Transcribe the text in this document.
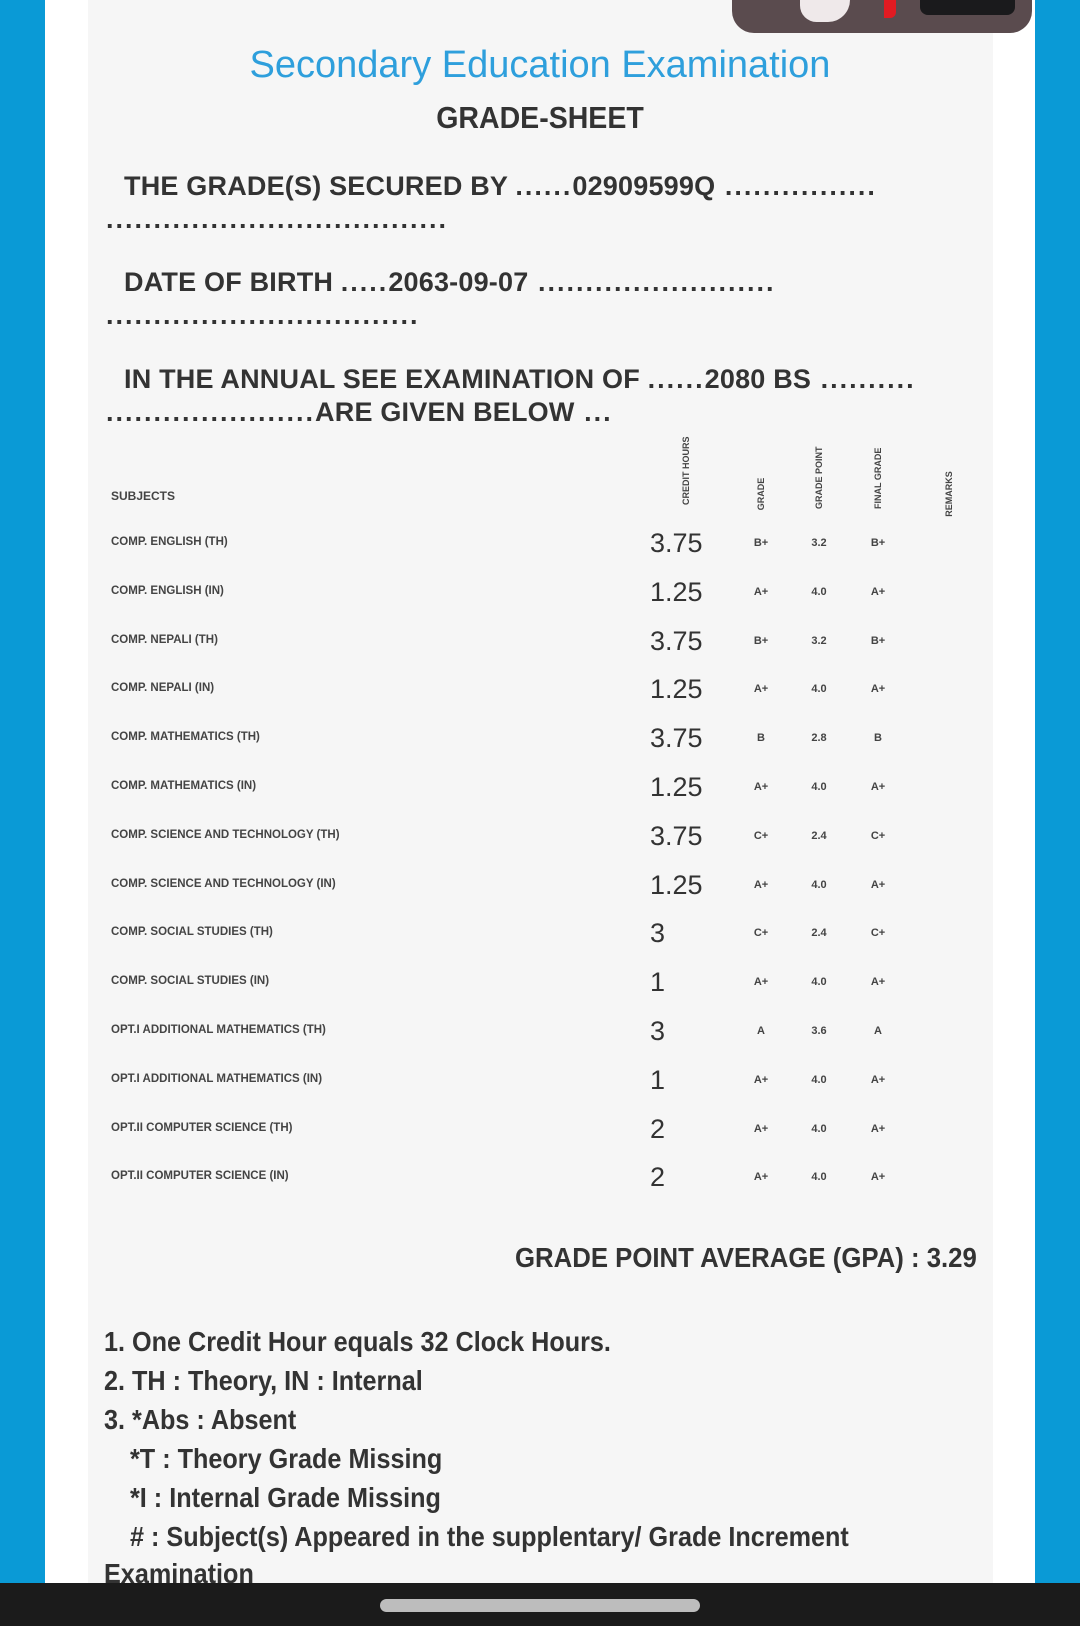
Secondary Education Examination
GRADE-SHEET
THE GRADE(S) SECURED BY ......02909599Q ................
....................................
DATE OF BIRTH .....2063-09-07 .........................
.................................
IN THE ANNUAL SEE EXAMINATION OF ......2080 BS ..........
......................ARE GIVEN BELOW ...
SUBJECTS	CREDIT HOURS	GRADE	GRADE POINT	FINAL GRADE	REMARKS
COMP. ENGLISH (TH)	3.75	B+	3.2	B+
COMP. ENGLISH (IN)	1.25	A+	4.0	A+
COMP. NEPALI (TH)	3.75	B+	3.2	B+
COMP. NEPALI (IN)	1.25	A+	4.0	A+
COMP. MATHEMATICS (TH)	3.75	B	2.8	B
COMP. MATHEMATICS (IN)	1.25	A+	4.0	A+
COMP. SCIENCE AND TECHNOLOGY (TH)	3.75	C+	2.4	C+
COMP. SCIENCE AND TECHNOLOGY (IN)	1.25	A+	4.0	A+
COMP. SOCIAL STUDIES (TH)	3	C+	2.4	C+
COMP. SOCIAL STUDIES (IN)	1	A+	4.0	A+
OPT.I ADDITIONAL MATHEMATICS (TH)	3	A	3.6	A
OPT.I ADDITIONAL MATHEMATICS (IN)	1	A+	4.0	A+
OPT.II COMPUTER SCIENCE (TH)	2	A+	4.0	A+
OPT.II COMPUTER SCIENCE (IN)	2	A+	4.0	A+
GRADE POINT AVERAGE (GPA) : 3.29
1. One Credit Hour equals 32 Clock Hours.
2. TH : Theory, IN : Internal
3. *Abs : Absent
*T : Theory Grade Missing
*I : Internal Grade Missing
# : Subject(s) Appeared in the supplentary/ Grade Increment
Examination
